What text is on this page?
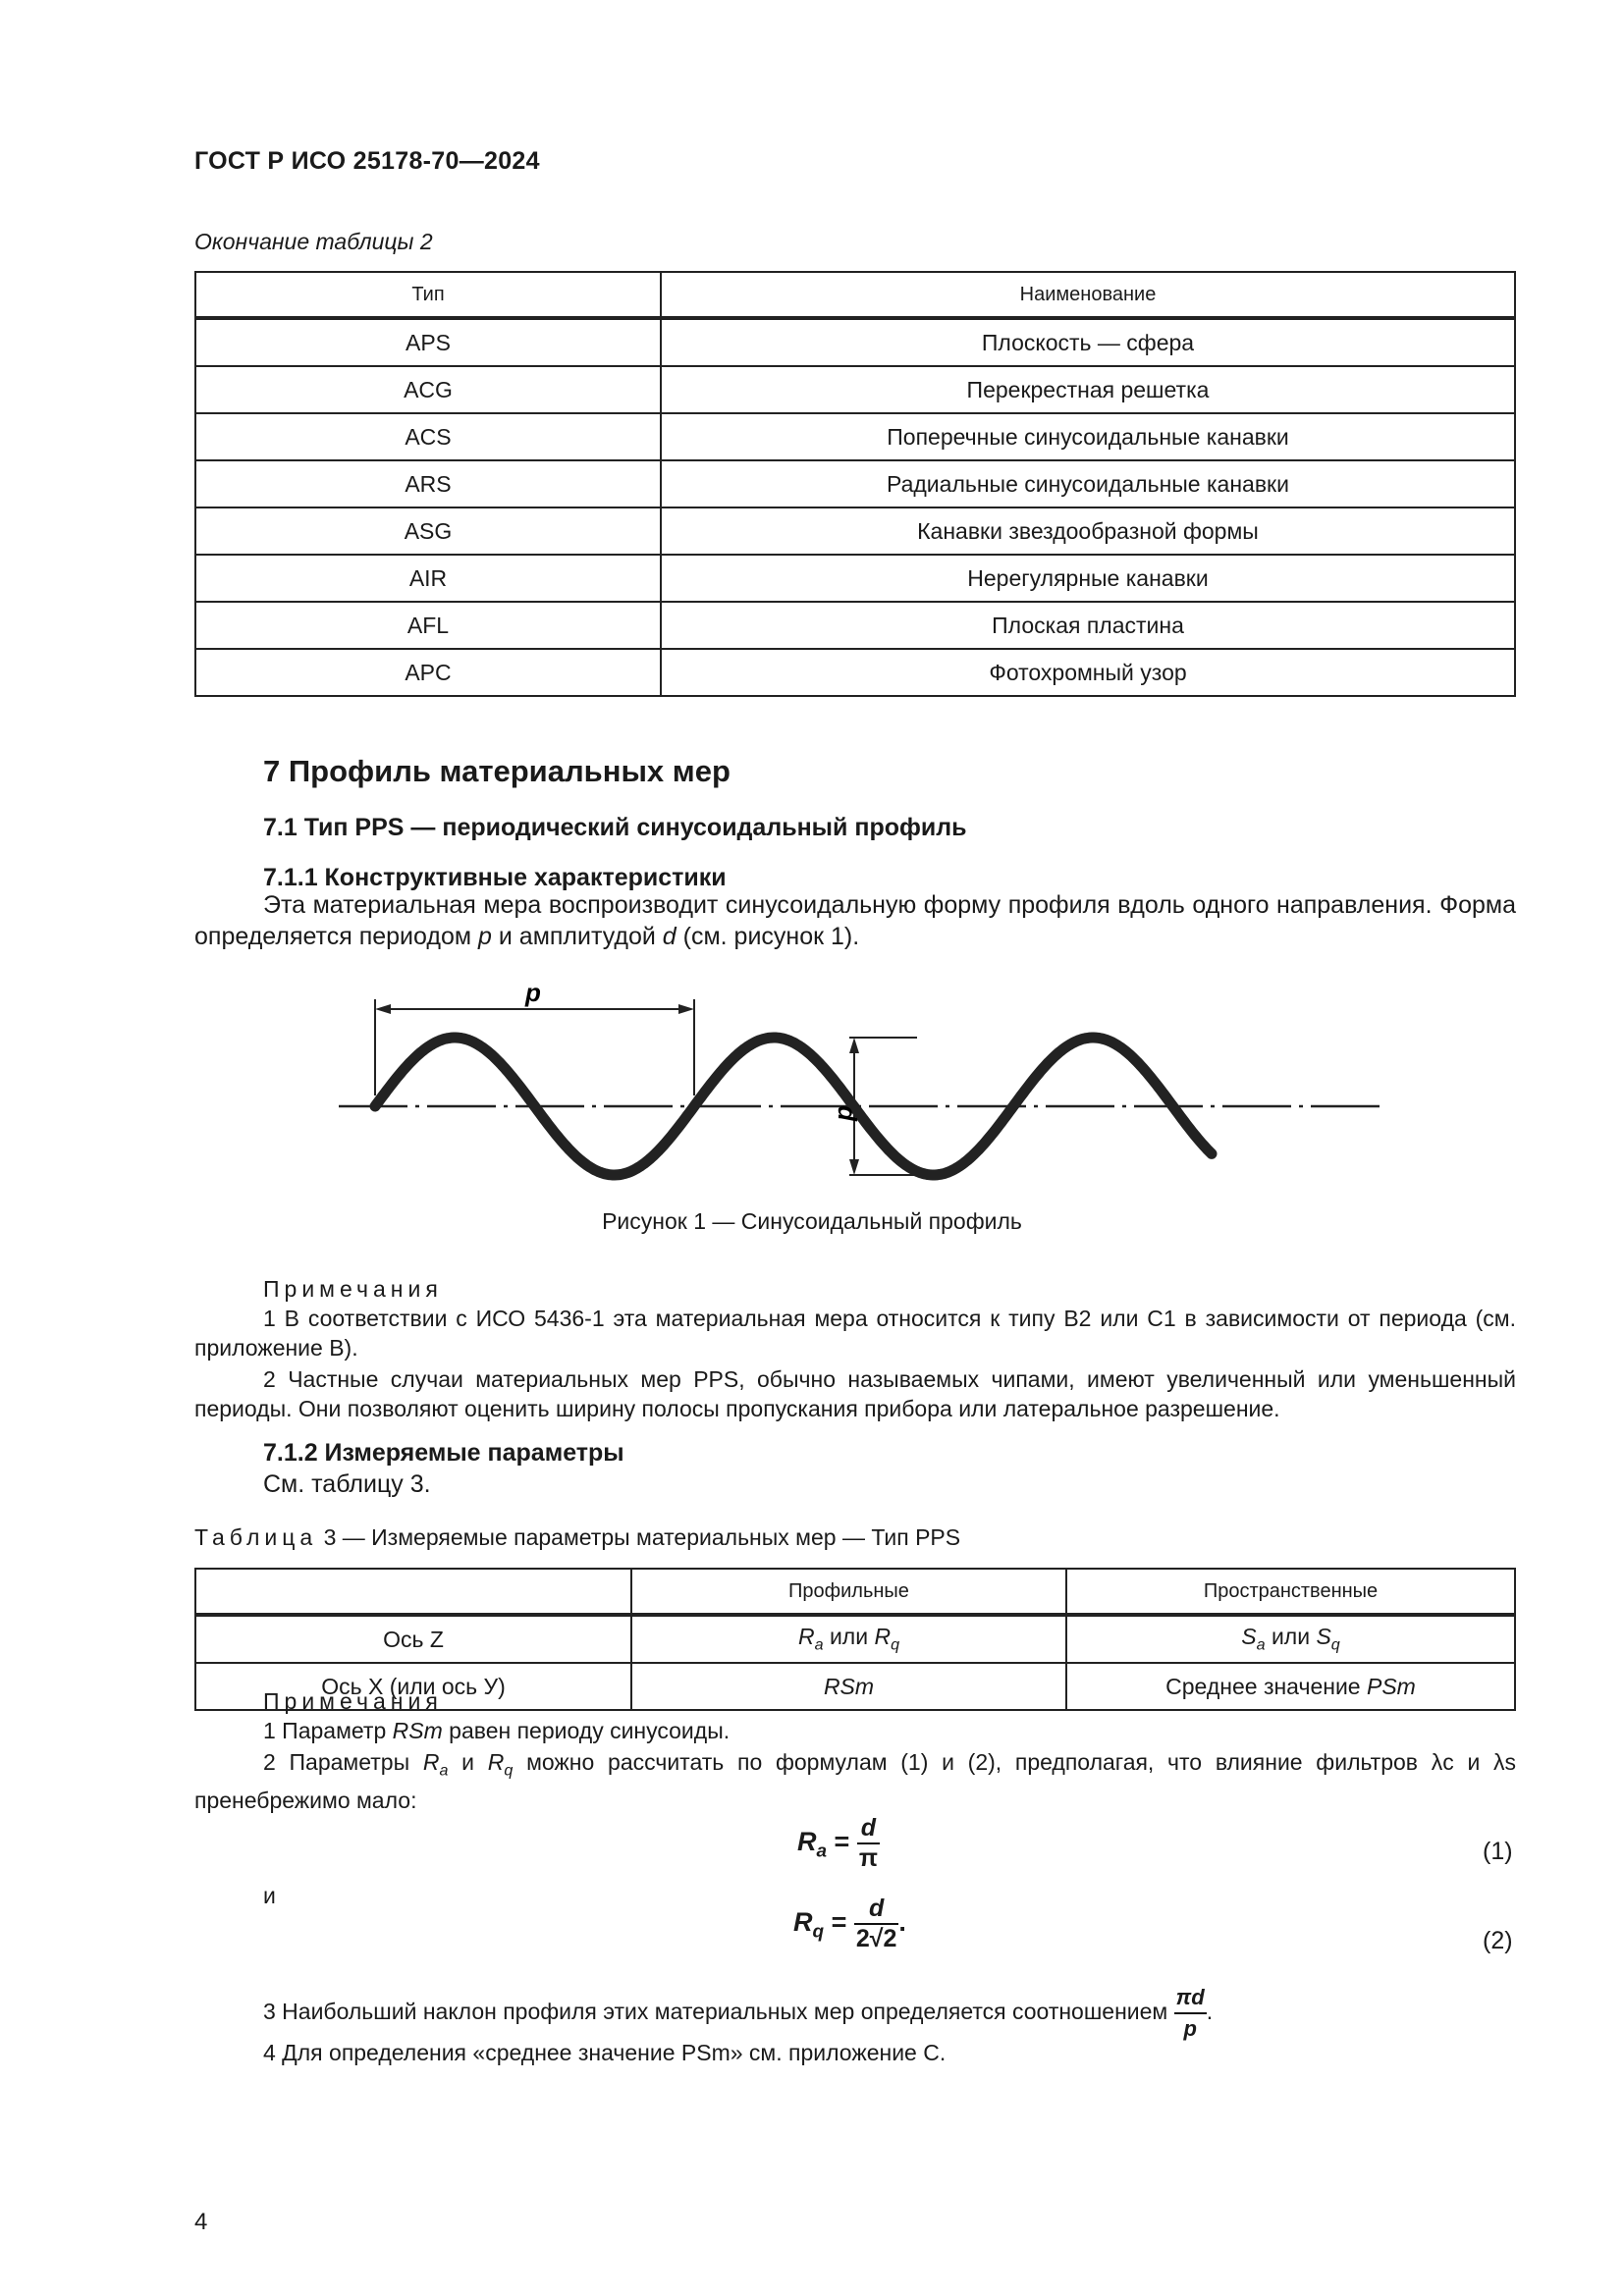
ГОСТ Р ИСО 25178-70—2024
Окончание таблицы 2
Тип	Наименование
APS	Плоскость — сфера
ACG	Перекрестная решетка
ACS	Поперечные синусоидальные канавки
ARS	Радиальные синусоидальные канавки
ASG	Канавки звездообразной формы
AIR	Нерегулярные канавки
AFL	Плоская пластина
APC	Фотохромный узор
7 Профиль материальных мер
7.1 Тип PPS — периодический синусоидальный профиль
7.1.1 Конструктивные характеристики
Эта материальная мера воспроизводит синусоидальную форму профиля вдоль одного направления. Форма определяется периодом p и амплитудой d (см. рисунок 1).
p
d
Рисунок 1 — Синусоидальный профиль
Примечания
1 В соответствии с ИСО 5436-1 эта материальная мера относится к типу B2 или C1 в зависимости от периода (см. приложение B).
2 Частные случаи материальных мер PPS, обычно называемых чипами, имеют увеличенный или уменьшенный периоды. Они позволяют оценить ширину полосы пропускания прибора или латеральное разрешение.
7.1.2 Измеряемые параметры
См. таблицу 3.
Таблица 3 — Измеряемые параметры материальных мер — Тип PPS
	Профильные	Пространственные
Ось Z	$R_a$ или $R_q$	$S_a$ или $S_q$
Ось X (или ось У)	RSm	Среднее значение PSm
Примечания
1 Параметр RSm равен периоду синусоиды.
2 Параметры $R_a$ и $R_q$ можно рассчитать по формулам (1) и (2), предполагая, что влияние фильтров λc и λs пренебрежимо мало:
$R_a = \frac{d}{\pi}$	(1)
и
$R_q = \frac{d}{2√2}$ .
(2)
3 Наибольший наклон профиля этих материальных мер определяется соотношением $\frac{\pi d}{p}$ .
4 Для определения «среднее значение PSm» см. приложение C.
4
